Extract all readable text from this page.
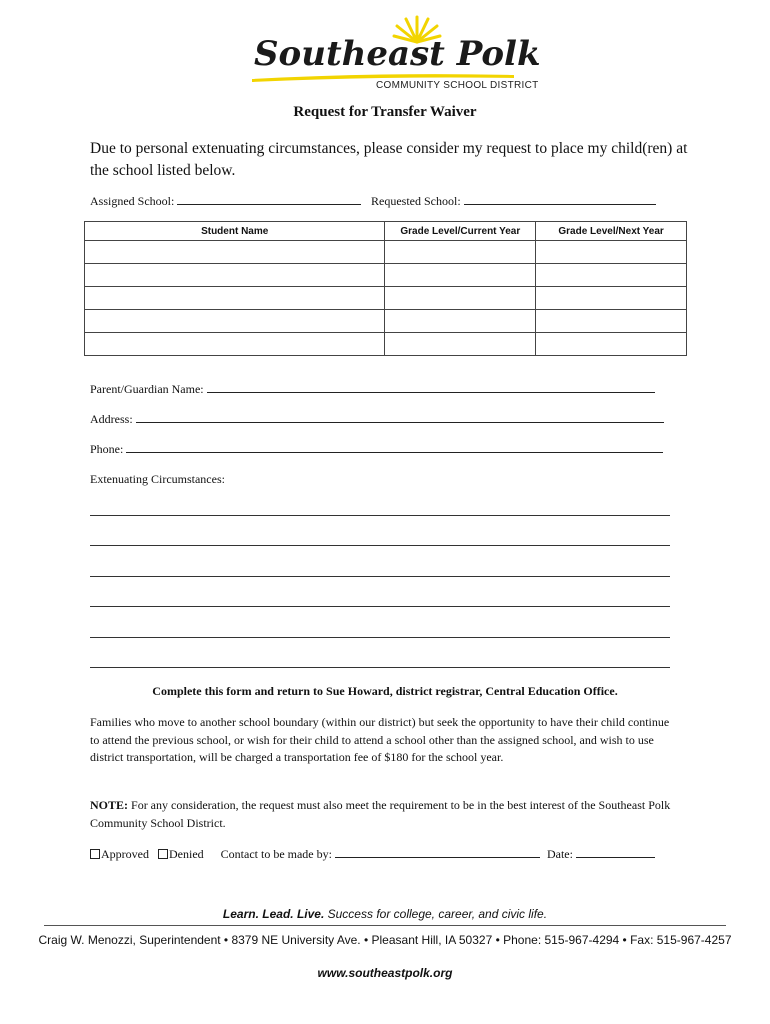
Southeast Polk
COMMUNITY SCHOOL DISTRICT
Request for Transfer Waiver
Due to personal extenuating circumstances, please consider my request to place my child(ren) at the school listed below.
Assigned School:	Requested School:
Student Name	Grade Level/Current Year	Grade Level/Next Year

Parent/Guardian Name:
Address:
Phone:
Extenuating Circumstances:
Complete this form and return to Sue Howard, district registrar, Central Education Office.
Families who move to another school boundary (within our district) but seek the opportunity to have their child continue to attend the previous school, or wish for their child to attend a school other than the assigned school, and wish to use district transportation, will be charged a transportation fee of $180 for the school year.
NOTE: For any consideration, the request must also meet the requirement to be in the best interest of the Southeast Polk Community School District.
Approved Denied Contact to be made by:	Date:
Learn. Lead. Live. Success for college, career, and civic life.
Craig W. Menozzi, Superintendent • 8379 NE University Ave. • Pleasant Hill, IA 50327 • Phone: 515-967-4294 • Fax: 515-967-4257
www.southeastpolk.org
